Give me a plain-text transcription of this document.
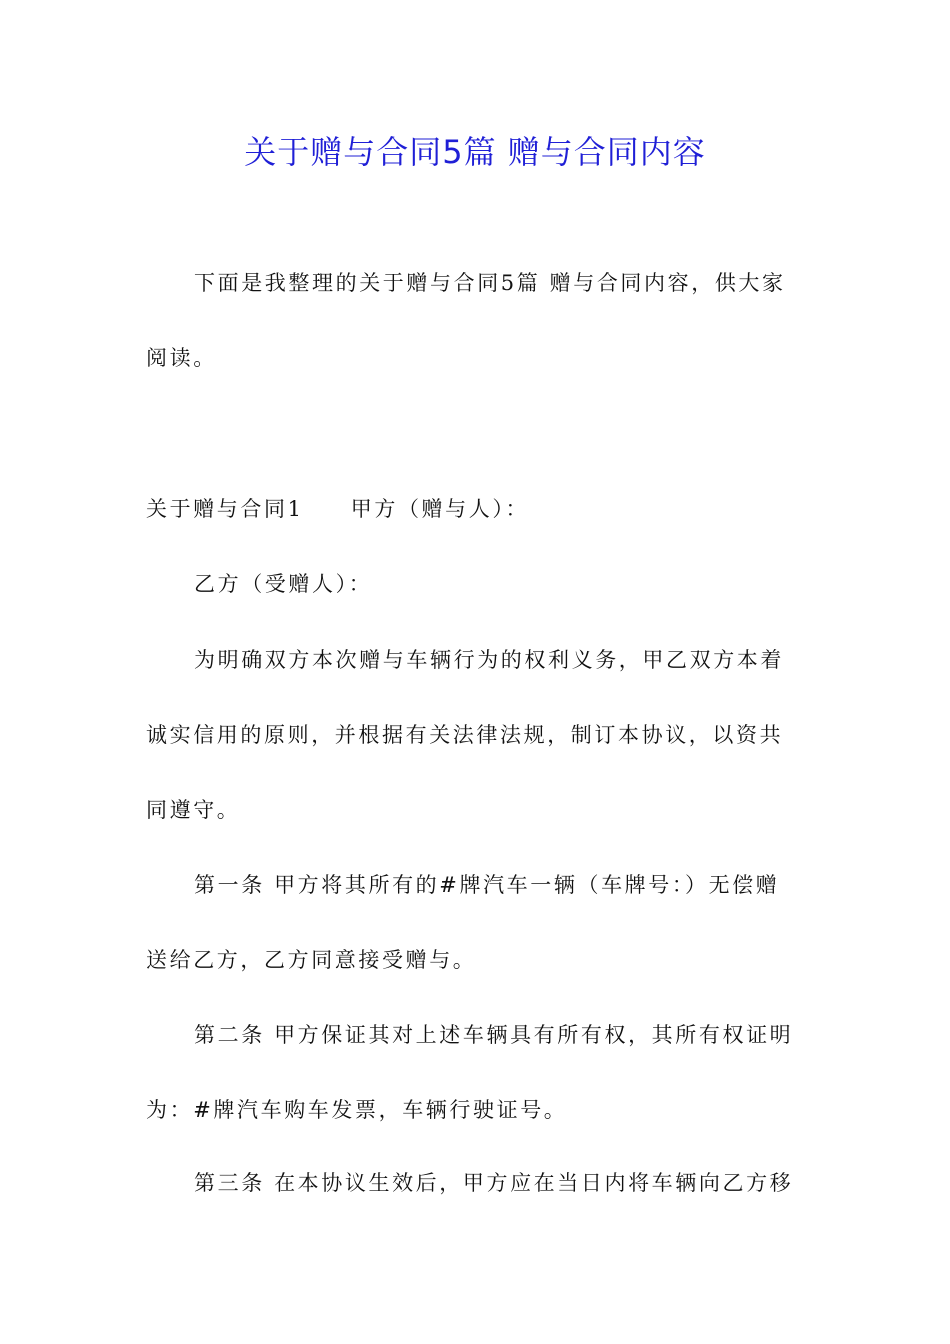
关于赠与合同5篇 赠与合同内容

下面是我整理的关于赠与合同5篇 赠与合同内容，供大家

阅读。

关于赠与合同1　　甲方（赠与人）：

乙方（受赠人）：

为明确双方本次赠与车辆行为的权利义务，甲乙双方本着

诚实信用的原则，并根据有关法律法规，制订本协议，以资共

同遵守。

第一条 甲方将其所有的#牌汽车一辆（车牌号：）无偿赠

送给乙方，乙方同意接受赠与。

第二条 甲方保证其对上述车辆具有所有权，其所有权证明

为：#牌汽车购车发票，车辆行驶证号。

第三条 在本协议生效后，甲方应在当日内将车辆向乙方移
